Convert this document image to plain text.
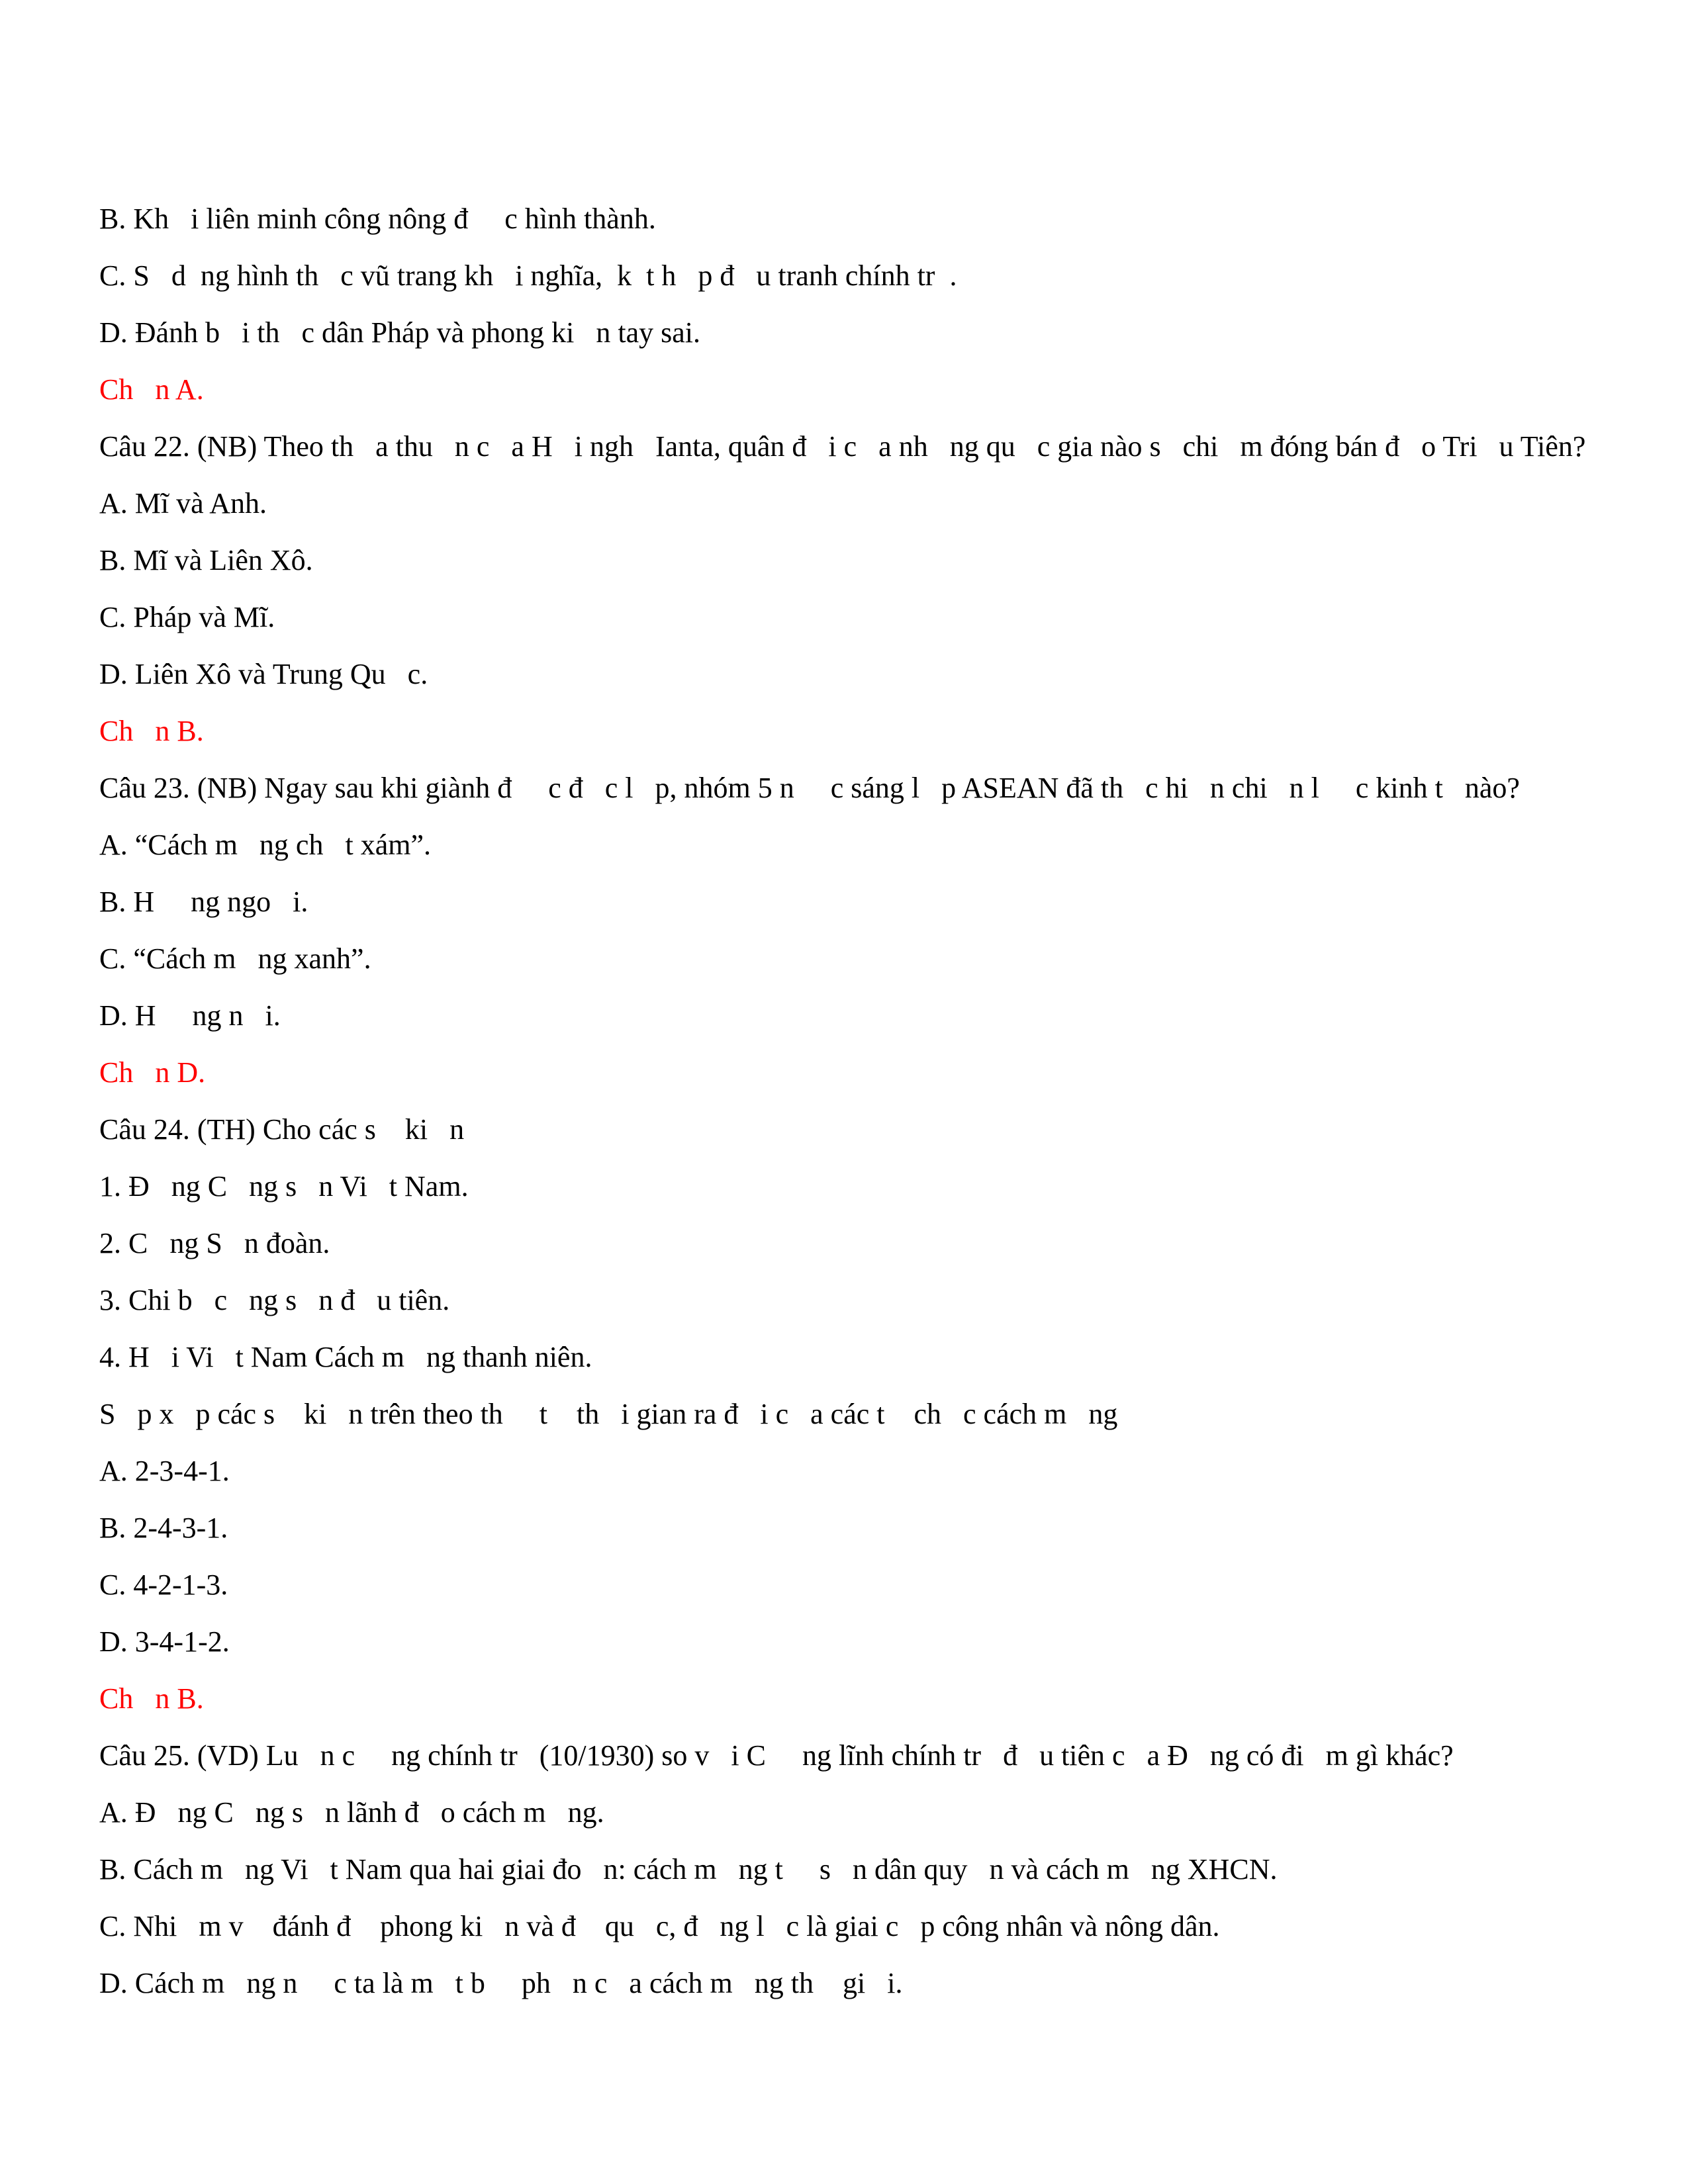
B. Kh   i liên minh công nông đ     c hình thành.
C. S   d  ng hình th   c vũ trang kh   i nghĩa,  k  t h   p đ   u tranh chính tr  .
D. Đánh b   i th   c dân Pháp và phong ki   n tay sai.
Ch   n A.
Câu 22. (NB) Theo th   a thu   n c   a H   i ngh   Ianta, quân đ   i c   a nh   ng qu   c gia nào s   chi   m đóng bán đ   o Tri   u Tiên?
A. Mĩ và Anh.
B. Mĩ và Liên Xô.
C. Pháp và Mĩ.
D. Liên Xô và Trung Qu   c.
Ch   n B.
Câu 23. (NB) Ngay sau khi giành đ     c đ   c l   p, nhóm 5 n     c sáng l   p ASEAN đã th   c hi   n chi   n l     c kinh t   nào?
A. “Cách m   ng ch   t xám”.
B. H     ng ngo   i.
C. “Cách m   ng xanh”.
D. H     ng n   i.
Ch   n D.
Câu 24. (TH) Cho các s    ki   n
1. Đ   ng C   ng s   n Vi   t Nam.
2. C   ng S   n đoàn.
3. Chi b   c   ng s   n đ   u tiên.
4. H   i Vi   t Nam Cách m   ng thanh niên.
S   p x   p các s    ki   n trên theo th     t    th   i gian ra đ   i c   a các t    ch   c cách m   ng
A. 2-3-4-1.
B. 2-4-3-1.
C. 4-2-1-3.
D. 3-4-1-2.
Ch   n B.
Câu 25. (VD) Lu   n c     ng chính tr   (10/1930) so v   i C     ng lĩnh chính tr   đ   u tiên c   a Đ   ng có đi   m gì khác?
A. Đ   ng C   ng s   n lãnh đ   o cách m   ng.
B. Cách m   ng Vi   t Nam qua hai giai đo   n: cách m   ng t     s   n dân quy   n và cách m   ng XHCN.
C. Nhi   m v    đánh đ    phong ki   n và đ    qu   c, đ   ng l   c là giai c   p công nhân và nông dân.
D. Cách m   ng n     c ta là m   t b     ph   n c   a cách m   ng th    gi   i.
